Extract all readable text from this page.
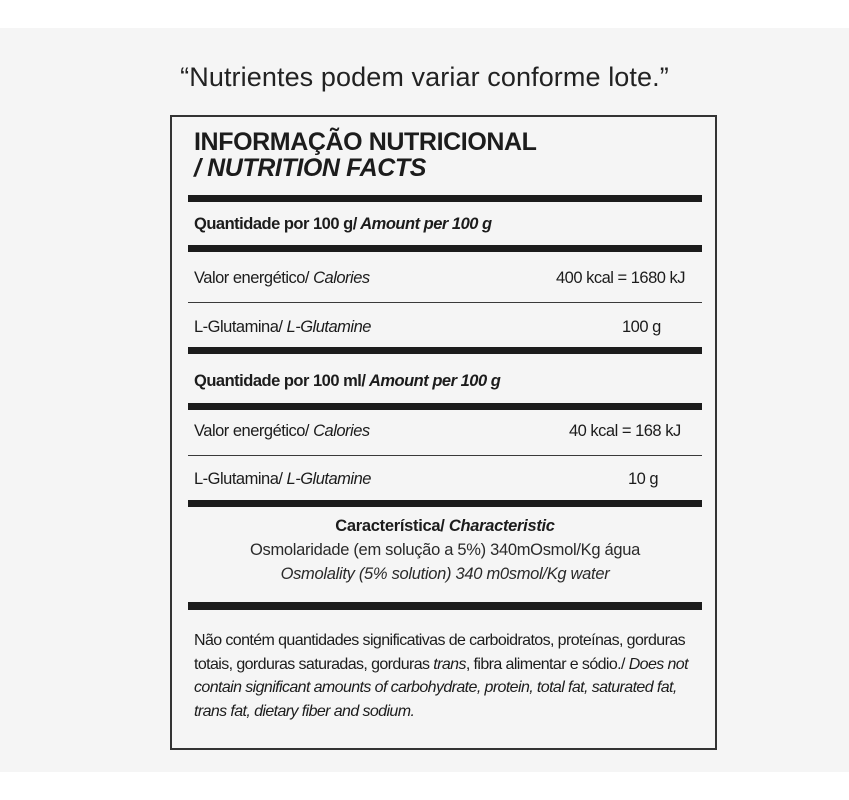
“Nutrientes podem variar conforme lote.”
INFORMAÇÃO NUTRICIONAL
/ NUTRITION FACTS
Quantidade por 100 g/ Amount per 100 g
Valor energético/ Calories	400 kcal = 1680 kJ
L-Glutamina/ L-Glutamine	100 g
Quantidade por 100 ml/ Amount per 100 g
Valor energético/ Calories	40 kcal = 168 kJ
L-Glutamina/ L-Glutamine	10 g
Característica/ Characteristic
Osmolaridade (em solução a 5%) 340mOsmol/Kg água
Osmolality (5% solution) 340 m0smol/Kg water
Não contém quantidades significativas de carboidratos, proteínas, gorduras totais, gorduras saturadas, gorduras trans, fibra alimentar e sódio./ Does not contain significant amounts of carbohydrate, protein, total fat, saturated fat, trans fat, dietary fiber and sodium.
